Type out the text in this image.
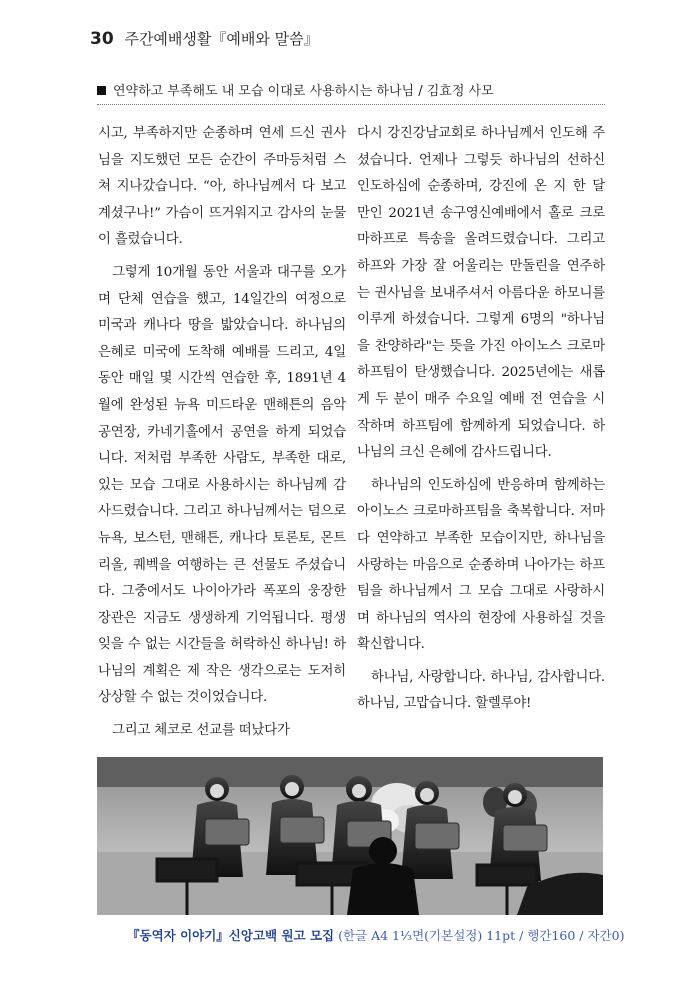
30 주간예배생활『예배와 말씀』
연약하고 부족해도 내 모습 이대로 사용하시는 하나님 / 김효정 사모

시고, 부족하지만 순종하며 연세 드신 권사님을 지도했던 모든 순간이 주마등처럼 스쳐 지나갔습니다. “아, 하나님께서 다 보고 계셨구나!” 가슴이 뜨거워지고 감사의 눈물이 흘렀습니다.

그렇게 10개월 동안 서울과 대구를 오가며 단체 연습을 했고, 14일간의 여정으로 미국과 캐나다 땅을 밟았습니다. 하나님의 은혜로 미국에 도착해 예배를 드리고, 4일 동안 매일 몇 시간씩 연습한 후, 1891년 4월에 완성된 뉴욕 미드타운 맨해튼의 음악 공연장, 카네기홀에서 공연을 하게 되었습니다. 저처럼 부족한 사람도, 부족한 대로, 있는 모습 그대로 사용하시는 하나님께 감사드렸습니다. 그리고 하나님께서는 덤으로 뉴욕, 보스턴, 맨해튼, 캐나다 토론토, 몬트리올, 퀘벡을 여행하는 큰 선물도 주셨습니다. 그중에서도 나이아가라 폭포의 웅장한 장관은 지금도 생생하게 기억됩니다. 평생 잊을 수 없는 시간들을 허락하신 하나님! 하나님의 계획은 제 작은 생각으로는 도저히 상상할 수 없는 것이었습니다.

그리고 체코로 선교를 떠났다가

다시 강진강남교회로 하나님께서 인도해 주셨습니다. 언제나 그렇듯 하나님의 선하신 인도하심에 순종하며, 강진에 온 지 한 달 만인 2021년 송구영신예배에서 홀로 크로마하프로 특송을 올려드렸습니다. 그리고 하프와 가장 잘 어울리는 만돌린을 연주하는 권사님을 보내주셔서 아름다운 하모니를 이루게 하셨습니다. 그렇게 6명의 "하나님을 찬양하라"는 뜻을 가진 아이노스 크로마하프팀이 탄생했습니다. 2025년에는 새롭게 두 분이 매주 수요일 예배 전 연습을 시작하며 하프팀에 함께하게 되었습니다. 하나님의 크신 은혜에 감사드립니다.

하나님의 인도하심에 반응하며 함께하는 아이노스 크로마하프팀을 축복합니다. 저마다 연약하고 부족한 모습이지만, 하나님을 사랑하는 마음으로 순종하며 나아가는 하프팀을 하나님께서 그 모습 그대로 사랑하시며 하나님의 역사의 현장에 사용하실 것을 확신합니다.

하나님, 사랑합니다. 하나님, 감사합니다. 하나님, 고맙습니다. 할렐루야!

『동역자 이야기』신앙고백 원고 모집 (한글 A4 1⅓면(기본설정) 11pt / 행간160 / 자간0)
